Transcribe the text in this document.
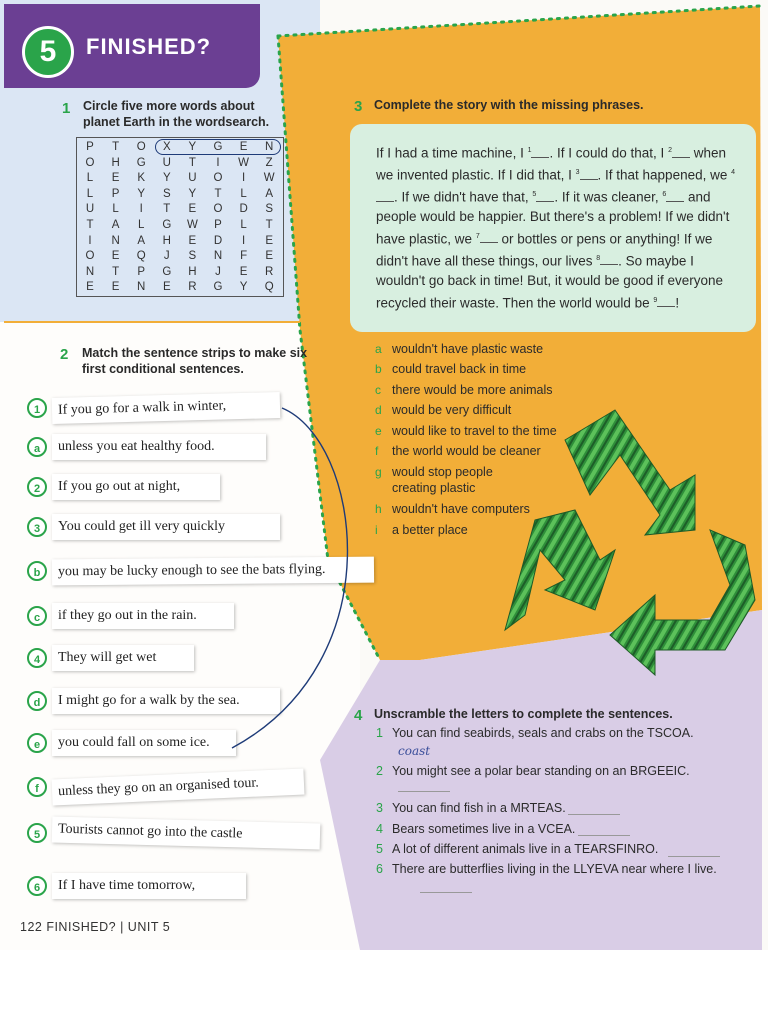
5	FINISHED?
1 Circle five more words about
planet Earth in the wordsearch.
P	T	O	X	Y	G	E	N
O	H	G	U	T	I	W	Z
L	E	K	Y	U	O	I	W
L	P	Y	S	Y	T	L	A
U	L	I	T	E	O	D	S
T	A	L	G	W	P	L	T
I	N	A	H	E	D	I	E
O	E	Q	J	S	N	F	E
N	T	P	G	H	J	E	R
E	E	N	E	R	G	Y	Q
2 Match the sentence strips to make six
first conditional sentences.
1	If you go for a walk in winter,
a	unless you eat healthy food.
2	If you go out at night,
3	You could get ill very quickly
b	you may be lucky enough to see the bats flying.
c	if they go out in the rain.
4	They will get wet
d	I might go for a walk by the sea.
e	you could fall on some ice.
f	unless they go on an organised tour.
5	Tourists cannot go into the castle
6	If I have time tomorrow,
3 Complete the story with the missing phrases.
If I had a time machine, I $^1$ . If I could do that, I $^2$ when we invented plastic. If I did that, I $^3$ . If that happened, we $^4$. If we didn't have that, $^5$ . If it was cleaner, $^6$ and people would be happier. But there's a problem! If we didn't have plastic, we $^7$ or bottles or pens or anything! If we didn't have all these things, our lives $^8$ . So maybe I wouldn't go back in time! But, it would be good if everyone recycled their waste. Then the world would be $^9$ !
a wouldn't have plastic waste
b could travel back in time
c there would be more animals
d would be very difficult
e would like to travel to the time
f the world would be cleaner
g would stop people creating plastic
h wouldn't have computers
i a better place
4 Unscramble the letters to complete the sentences.
1 You can find seabirds, seals and crabs on the TSCOA.
coast
2 You might see a polar bear standing on an BRGEEIC.
3 You can find fish in a MRTEAS.
4 Bears sometimes live in a VCEA.
5 A lot of different animals live in a TEARSFINRO.
6 There are butterflies living in the LLYEVA near where I live.
122 FINISHED? | UNIT 5
